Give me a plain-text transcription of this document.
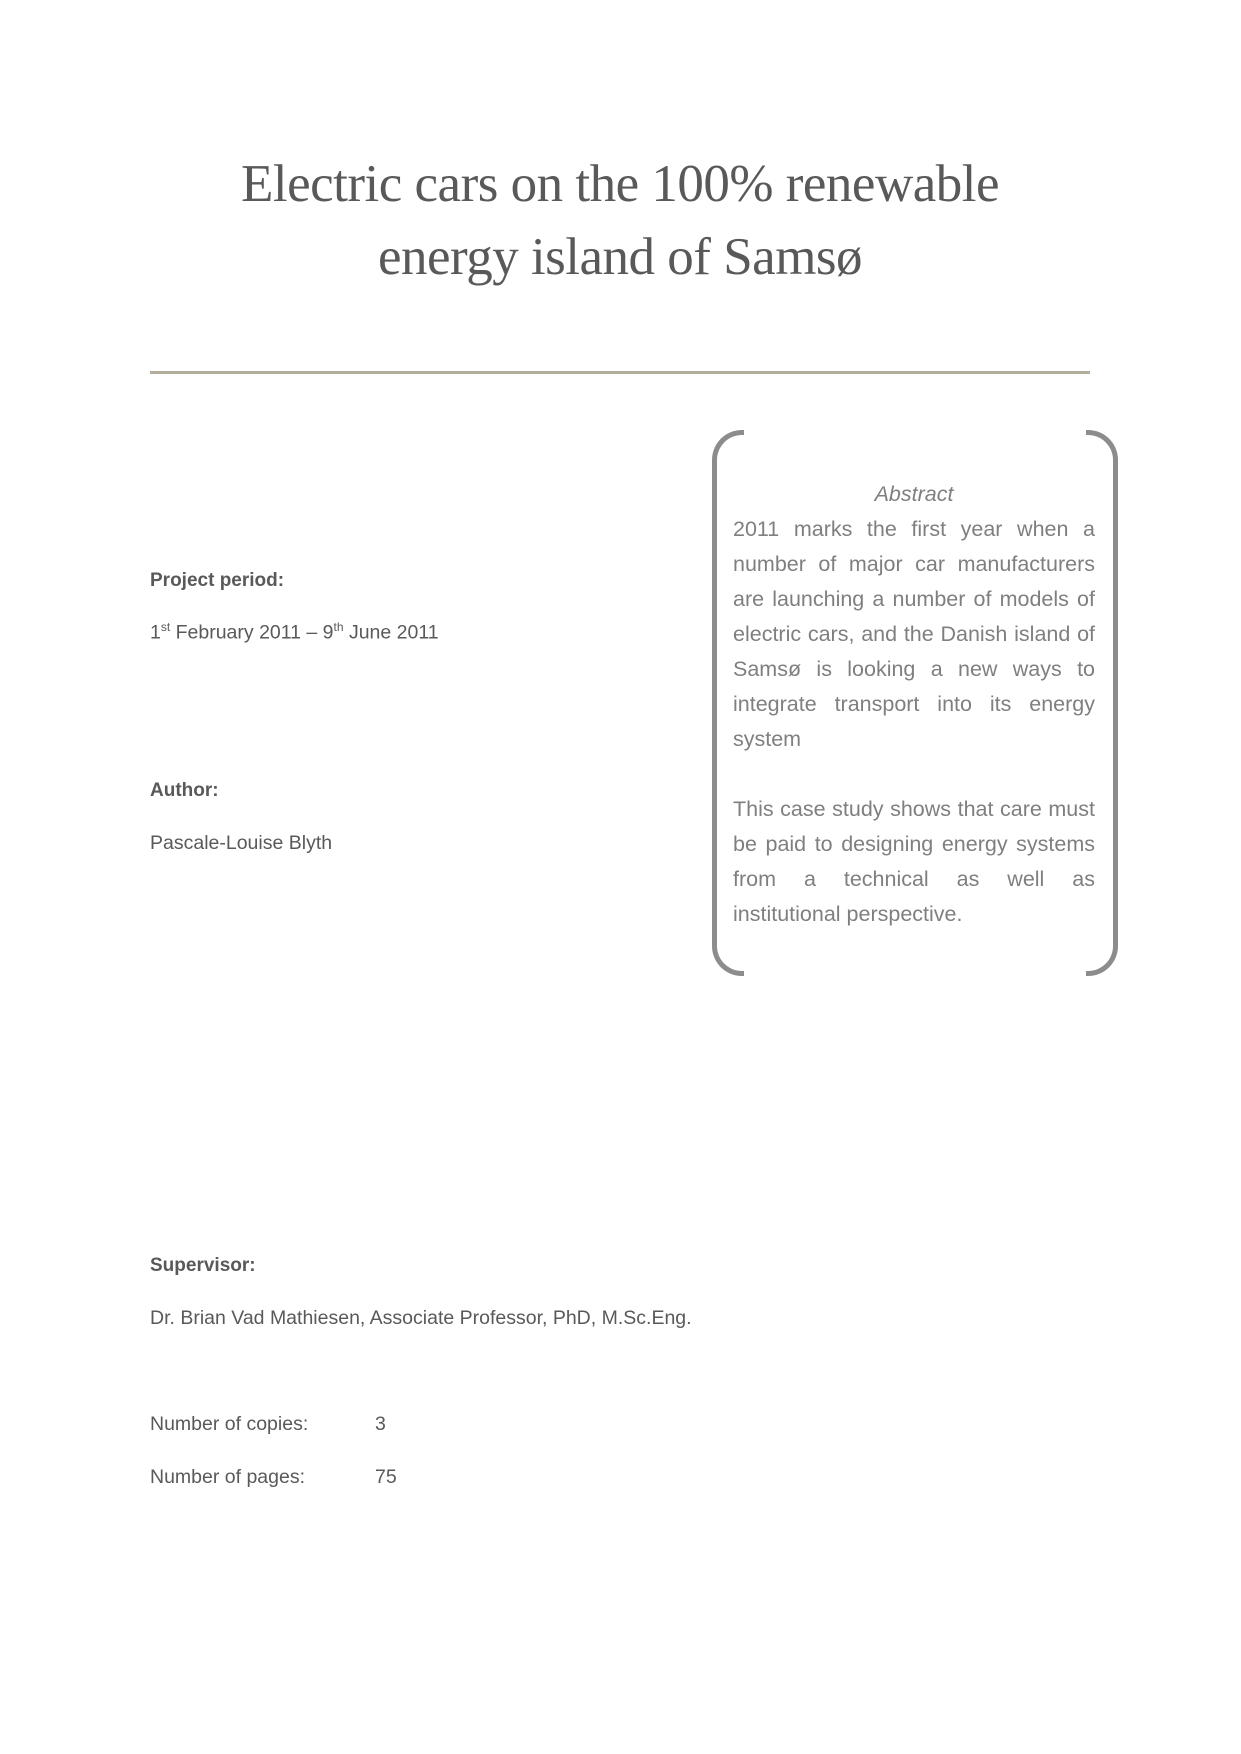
Electric cars on the 100% renewable
energy island of Samsø
Project period:
1st February 2011 – 9th June 2011
Author:
Pascale-Louise Blyth
Supervisor:
Dr. Brian Vad Mathiesen, Associate Professor, PhD, M.Sc.Eng.
Number of copies:	3
Number of pages:	75
Abstract

2011 marks the first year when a number of major car manufacturers are launching a number of models of electric cars, and the Danish island of Samsø is looking a new ways to integrate transport into its energy system

This case study shows that care must be paid to designing energy systems from a technical as well as institutional perspective.
